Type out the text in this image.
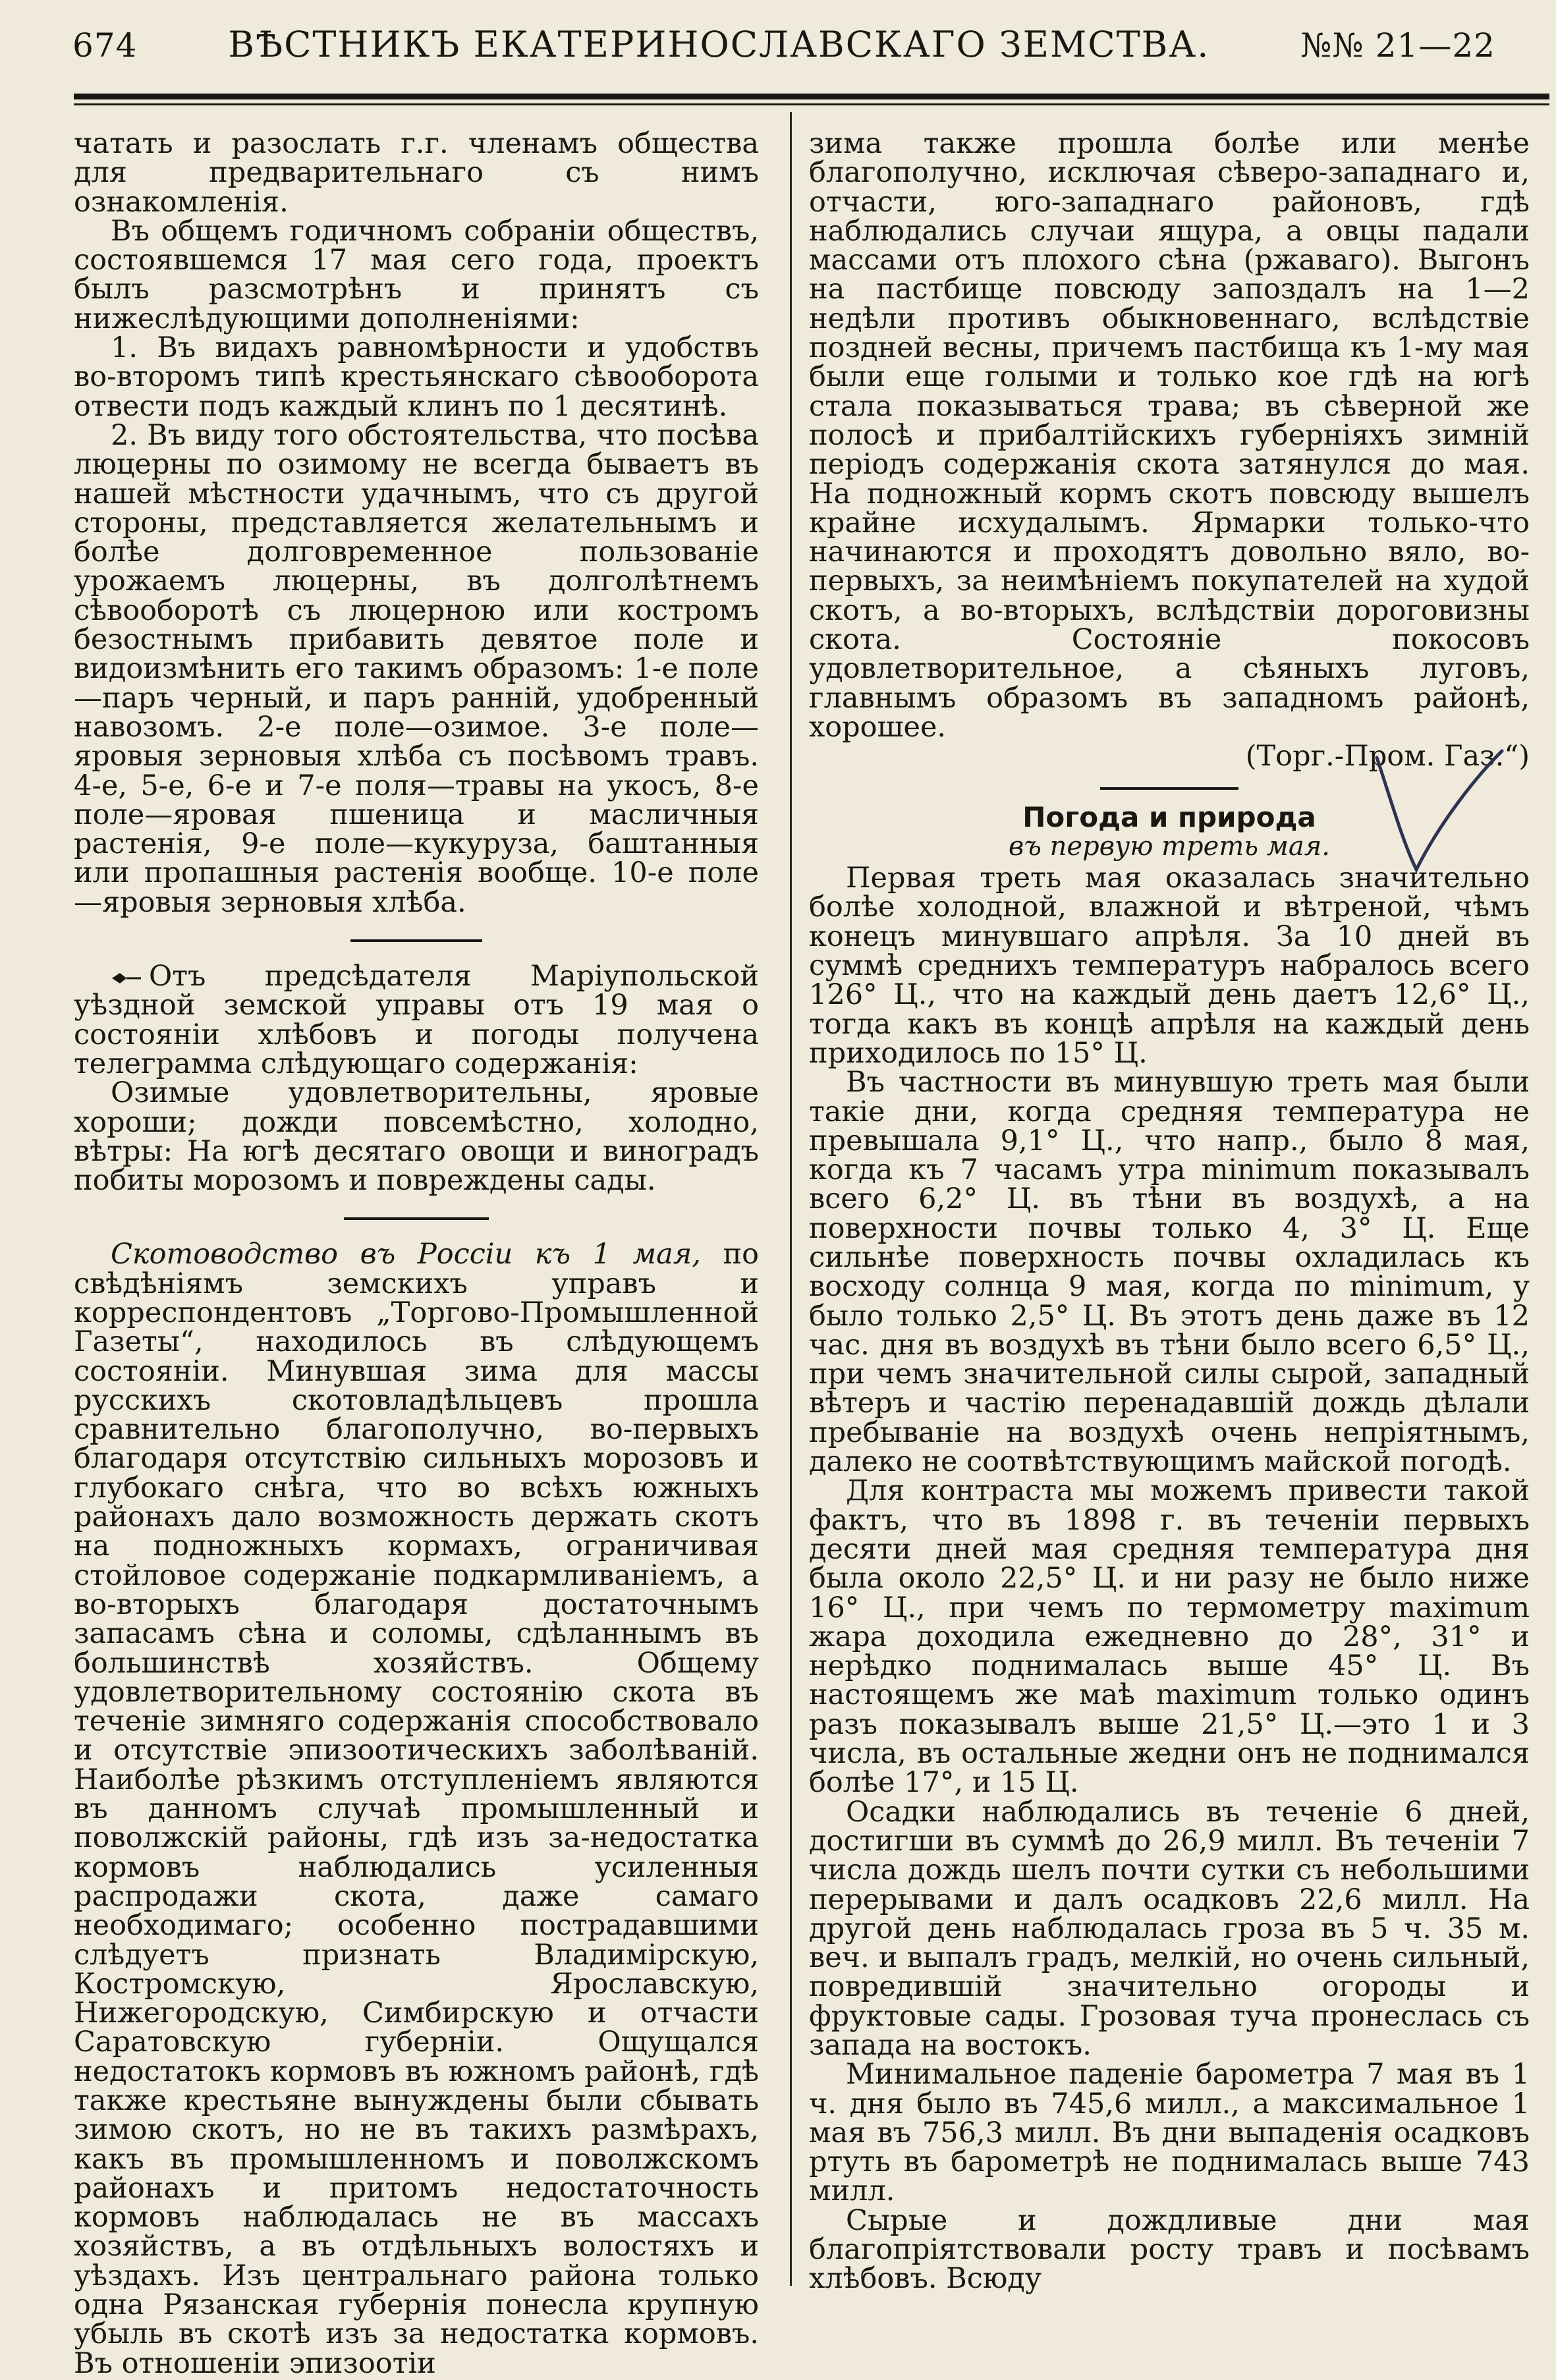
674	ВѢСТНИКЪ ЕКАТЕРИНОСЛАВСКАГО ЗЕМСТВА.	№№ 21—22

чатать и разослать г.г. членамъ общества для предварительнаго съ нимъ ознакомленія.

Въ общемъ годичномъ собраніи обществъ, состоявшемся 17 мая сего года, проектъ былъ разсмотрѣнъ и принятъ съ нижеслѣдующими дополненіями:

1. Въ видахъ равномѣрности и удобствъ во-второмъ типѣ крестьянскаго сѣвооборота отвести подъ каждый клинъ по 1 десятинѣ.

2. Въ виду того обстоятельства, что посѣва люцерны по озимому не всегда бываетъ въ нашей мѣстности удачнымъ, что съ другой стороны, представляется желательнымъ и болѣе долговременное пользованіе урожаемъ люцерны, въ долголѣтнемъ сѣвооборотѣ съ люцерною или костромъ безостнымъ прибавить девятое поле и видоизмѣнить его такимъ образомъ: 1-е поле—паръ черный, и паръ ранній, удобренный навозомъ. 2-е поле—озимое. 3-е поле—яровыя зерновыя хлѣба съ посѣвомъ травъ. 4-е, 5-е, 6-е и 7-е поля—травы на укосъ, 8-е поле—яровая пшеница и масличныя растенія, 9-е поле—кукуруза, баштанныя или пропашныя растенія вообще. 10-е поле—яровыя зерновыя хлѣба.

Отъ предсѣдателя Маріупольской уѣздной земской управы отъ 19 мая о состояніи хлѣбовъ и погоды получена телеграмма слѣдующаго содержанія:

Озимые удовлетворительны, яровые хороши; дожди повсемѣстно, холодно, вѣтры: На югѣ десятаго овощи и виноградъ побиты морозомъ и повреждены сады.

Скотоводство въ Россіи къ 1 мая, по свѣдѣніямъ земскихъ управъ и корреспондентовъ „Торгово-Промышленной Газеты“, находилось въ слѣдующемъ состояніи. Минувшая зима для массы русскихъ скотовладѣльцевъ прошла сравнительно благополучно, во-первыхъ благодаря отсутствію сильныхъ морозовъ и глубокаго снѣга, что во всѣхъ южныхъ районахъ дало возможность держать скотъ на подножныхъ кормахъ, ограничивая стойловое содержаніе подкармливаніемъ, а во-вторыхъ благодаря достаточнымъ запасамъ сѣна и соломы, сдѣланнымъ въ большинствѣ хозяйствъ. Общему удовлетворительному состоянію скота въ теченіе зимняго содержанія способствовало и отсутствіе эпизоотическихъ заболѣваній. Наиболѣе рѣзкимъ отступленіемъ являются въ данномъ случаѣ промышленный и поволжскій районы, гдѣ изъ за-недостатка кормовъ наблюдались усиленныя распродажи скота, даже самаго необходимаго; особенно пострадавшими слѣдуетъ признать Владимірскую, Костромскую, Ярославскую, Нижегородскую, Симбирскую и отчасти Саратовскую губерніи. Ощущался недостатокъ кормовъ въ южномъ районѣ, гдѣ также крестьяне вынуждены были сбывать зимою скотъ, но не въ такихъ размѣрахъ, какъ въ промышленномъ и поволжскомъ районахъ и притомъ недостаточность кормовъ наблюдалась не въ массахъ хозяйствъ, а въ отдѣльныхъ волостяхъ и уѣздахъ. Изъ центральнаго района только одна Рязанская губернія понесла крупную убыль въ скотѣ изъ за недостатка кормовъ. Въ отношеніи эпизоотіи

зима также прошла болѣе или менѣе благополучно, исключая сѣверо-западнаго и, отчасти, юго-западнаго районовъ, гдѣ наблюдались случаи ящура, а овцы падали массами отъ плохого сѣна (ржаваго). Выгонъ на пастбище повсюду запоздалъ на 1—2 недѣли противъ обыкновеннаго, вслѣдствіе поздней весны, причемъ пастбища къ 1-му мая были еще голыми и только кое гдѣ на югѣ стала показываться трава; въ сѣверной же полосѣ и прибалтійскихъ губерніяхъ зимній періодъ содержанія скота затянулся до мая. На подножный кормъ скотъ повсюду вышелъ крайне исхудалымъ. Ярмарки только-что начинаются и проходятъ довольно вяло, во-первыхъ, за неимѣніемъ покупателей на худой скотъ, а во-вторыхъ, вслѣдствіи дороговизны скота. Состояніе покосовъ удовлетворительное, а сѣяныхъ луговъ, главнымъ образомъ въ западномъ районѣ, хорошее.

(Торг.-Пром. Газ.“)

Погода и природа
въ первую треть мая.

Первая треть мая оказалась значительно болѣе холодной, влажной и вѣтреной, чѣмъ конецъ минувшаго апрѣля. За 10 дней въ суммѣ среднихъ температуръ набралось всего 126° Ц., что на каждый день даетъ 12,6° Ц., тогда какъ въ концѣ апрѣля на каждый день приходилось по 15° Ц.

Въ частности въ минувшую треть мая были такіе дни, когда средняя температура не превышала 9,1° Ц., что напр., было 8 мая, когда къ 7 часамъ утра minimum показывалъ всего 6,2° Ц. въ тѣни въ воздухѣ, а на поверхности почвы только 4, 3° Ц. Еще сильнѣе поверхность почвы охладилась къ восходу солнца 9 мая, когда по minimum, у было только 2,5° Ц. Въ этотъ день даже въ 12 час. дня въ воздухѣ въ тѣни было всего 6,5° Ц., при чемъ значительной силы сырой, западный вѣтеръ и частію перенадавшій дождь дѣлали пребываніе на воздухѣ очень непріятнымъ, далеко не соотвѣтствующимъ майской погодѣ.

Для контраста мы можемъ привести такой фактъ, что въ 1898 г. въ теченіи первыхъ десяти дней мая средняя температура дня была около 22,5° Ц. и ни разу не было ниже 16° Ц., при чемъ по термометру maximum жара доходила ежедневно до 28°, 31° и нерѣдко поднималась выше 45° Ц. Въ настоящемъ же маѣ maximum только одинъ разъ показывалъ выше 21,5° Ц.—это 1 и 3 числа, въ остальные жедни онъ не поднимался болѣе 17°, и 15 Ц.

Осадки наблюдались въ теченіе 6 дней, достигши въ суммѣ до 26,9 милл. Въ теченіи 7 числа дождь шелъ почти сутки съ небольшими перерывами и далъ осадковъ 22,6 милл. На другой день наблюдалась гроза въ 5 ч. 35 м. веч. и выпалъ градъ, мелкій, но очень сильный, повредившій значительно огороды и фруктовые сады. Грозовая туча пронеслась съ запада на востокъ.

Минимальное паденіе барометра 7 мая въ 1 ч. дня было въ 745,6 милл., а максимальное 1 мая въ 756,3 милл. Въ дни выпаденія осадковъ ртуть въ барометрѣ не поднималась выше 743 милл.

Сырые и дождливые дни мая благопріятствовали росту травъ и посѣвамъ хлѣбовъ. Всюду
